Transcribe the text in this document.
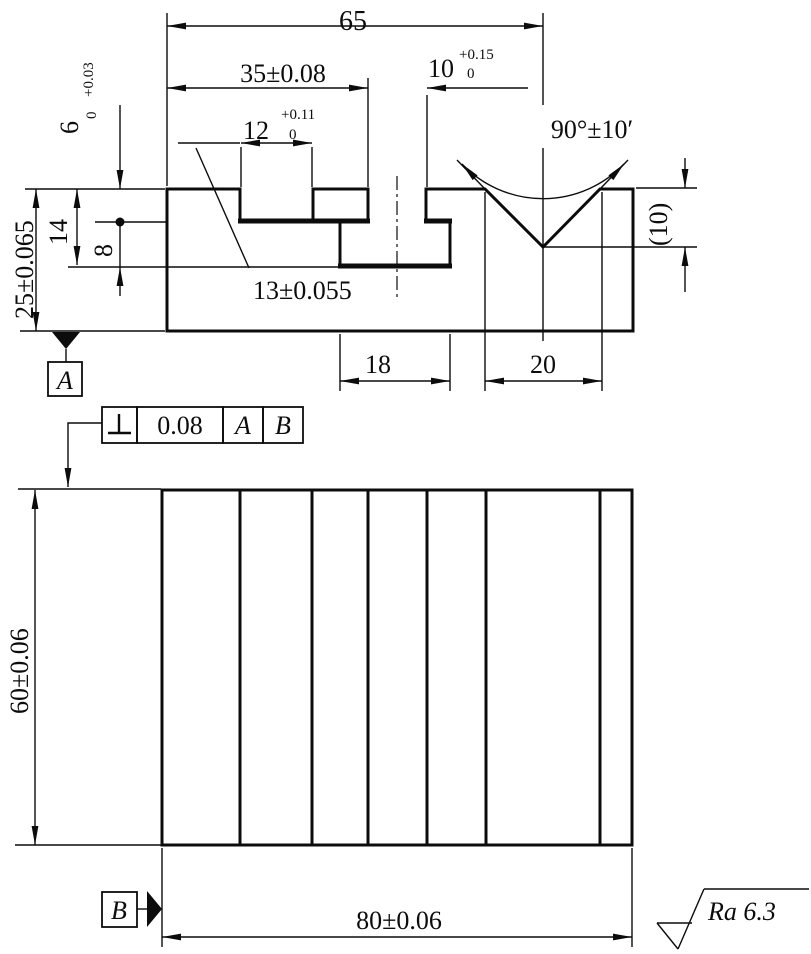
65
35±0.08
12
+0.11
0
10 +0.15
0
90°±10′
13±0.055
18	20
25±0.065 14
8
6
+0.03
0
(10)
A
0.08 A B
60±0.06
80±0.06
B	Ra 6.3
